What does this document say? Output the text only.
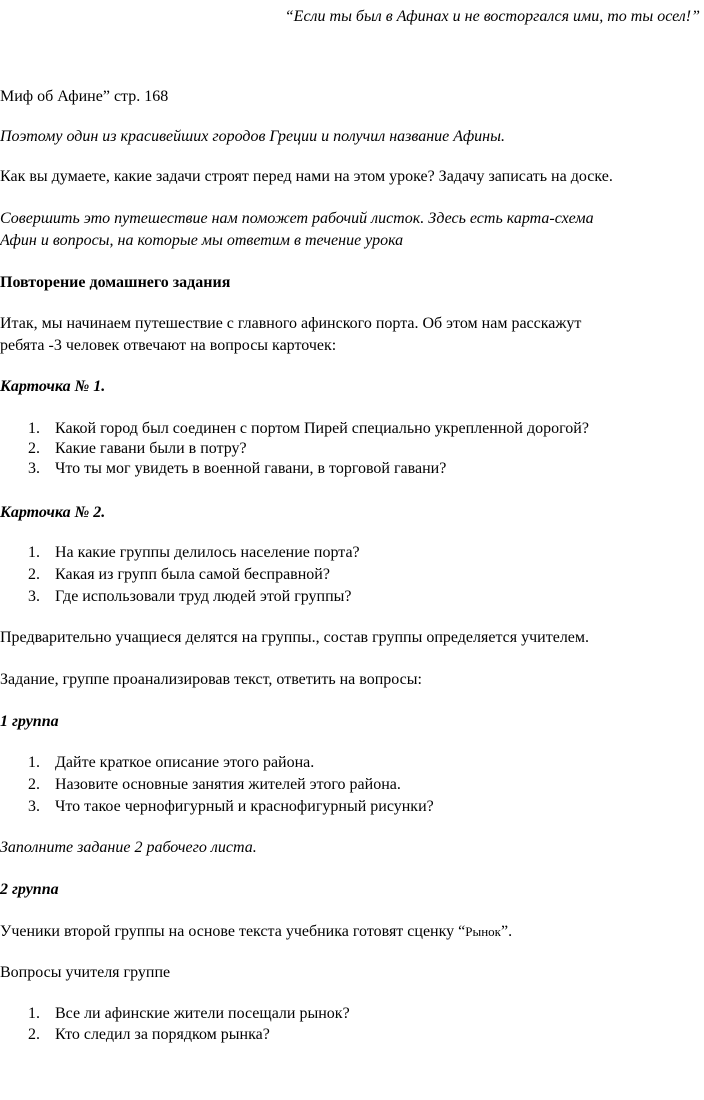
“Если ты был в Афинах и не восторгался ими, то ты осел!”
Миф об Афине” стр. 168
Поэтому один из красивейших городов Греции и получил название Афины.
Как вы думаете, какие задачи строят перед нами на этом уроке? Задачу записать на доске.
Совершить это путешествие нам поможет рабочий листок. Здесь есть карта-схема
Афин и вопросы, на которые мы ответим в течение урока
Повторение домашнего задания
Итак, мы начинаем путешествие с главного афинского порта. Об этом нам расскажут
ребята -3 человек отвечают на вопросы карточек:
Карточка № 1.
1. Какой город был соединен с портом Пирей специально укрепленной дорогой?
2. Какие гавани были в потру?
3. Что ты мог увидеть в военной гавани, в торговой гавани?
Карточка № 2.
1. На какие группы делилось население порта?
2. Какая из групп была самой бесправной?
3. Где использовали труд людей этой группы?
Предварительно учащиеся делятся на группы., состав группы определяется учителем.
Задание, группе проанализировав текст, ответить на вопросы:
1 группа
1. Дайте краткое описание этого района.
2. Назовите основные занятия жителей этого района.
3. Что такое чернофигурный и краснофигурный рисунки?
Заполните задание 2 рабочего листа.
2 группа
Ученики второй группы на основе текста учебника готовят сценку “Рынок”.
Вопросы учителя группе
1. Все ли афинские жители посещали рынок?
2. Кто следил за порядком рынка?
